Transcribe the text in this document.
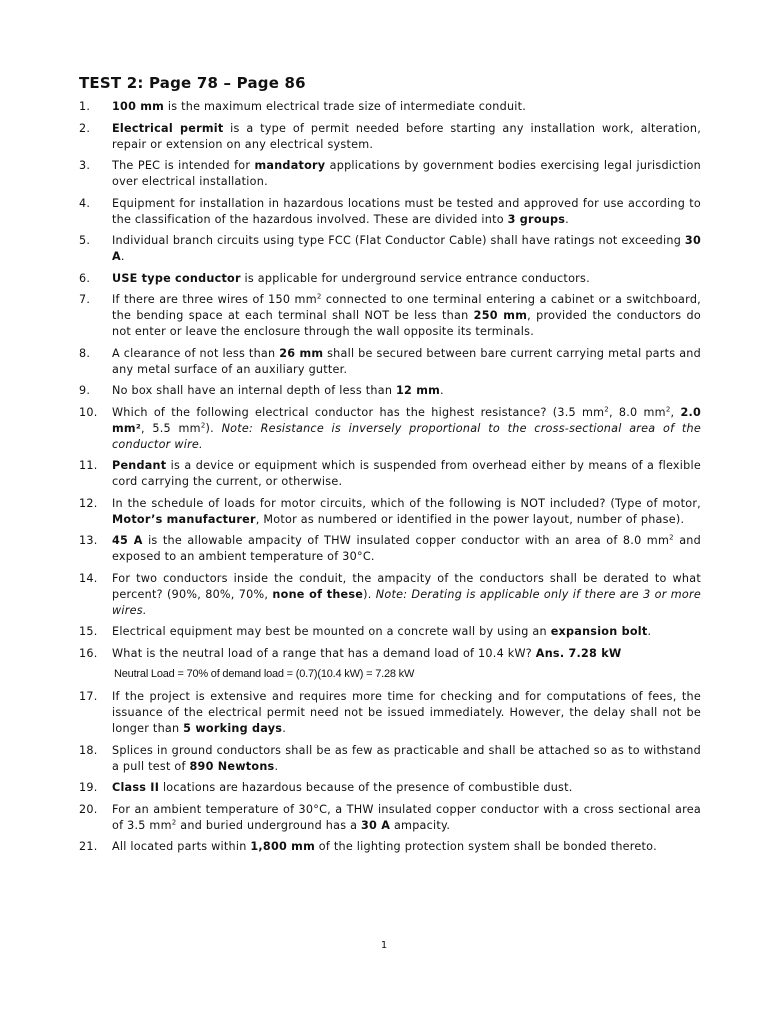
TEST 2: Page 78 – Page 86
1.	100 mm is the maximum electrical trade size of intermediate conduit.
2.	Electrical permit is a type of permit needed before starting any installation work, alteration, repair or extension on any electrical system.
3.	The PEC is intended for mandatory applications by government bodies exercising legal jurisdiction over electrical installation.
4.	Equipment for installation in hazardous locations must be tested and approved for use according to the classification of the hazardous involved. These are divided into 3 groups.
5.	Individual branch circuits using type FCC (Flat Conductor Cable) shall have ratings not exceeding 30 A.
6.	USE type conductor is applicable for underground service entrance conductors.
7.	If there are three wires of 150 $mm^2$ connected to one terminal entering a cabinet or a switchboard, the bending space at each terminal shall NOT be less than 250 mm, provided the conductors do not enter or leave the enclosure through the wall opposite its terminals.
8.	A clearance of not less than 26 mm shall be secured between bare current carrying metal parts and any metal surface of an auxiliary gutter.
9.	No box shall have an internal depth of less than 12 mm.
10.	Which of the following electrical conductor has the highest resistance? (3.5 $mm^2$, 8.0 $mm^2$, 2.0 mm², 5.5 $mm^2$). Note: Resistance is inversely proportional to the cross-sectional area of the conductor wire.
11.	Pendant is a device or equipment which is suspended from overhead either by means of a flexible cord carrying the current, or otherwise.
12.	In the schedule of loads for motor circuits, which of the following is NOT included? (Type of motor, Motor’s manufacturer, Motor as numbered or identified in the power layout, number of phase).
13.	45 A is the allowable ampacity of THW insulated copper conductor with an area of 8.0 $mm^2$ and exposed to an ambient temperature of 30°C.
14.	For two conductors inside the conduit, the ampacity of the conductors shall be derated to what percent? (90%, 80%, 70%, none of these). Note: Derating is applicable only if there are 3 or more wires.
15.	Electrical equipment may best be mounted on a concrete wall by using an expansion bolt.
16.	What is the neutral load of a range that has a demand load of 10.4 kW? Ans. 7.28 kW
Neutral Load = 70% of demand load = (0.7)(10.4 kW) = 7.28 kW
17.	If the project is extensive and requires more time for checking and for computations of fees, the issuance of the electrical permit need not be issued immediately. However, the delay shall not be longer than 5 working days.
18.	Splices in ground conductors shall be as few as practicable and shall be attached so as to withstand a pull test of 890 Newtons.
19.	Class II locations are hazardous because of the presence of combustible dust.
20.	For an ambient temperature of 30°C, a THW insulated copper conductor with a cross sectional area of 3.5 $mm^2$ and buried underground has a 30 A ampacity.
21.	All located parts within 1,800 mm of the lighting protection system shall be bonded thereto.
1
